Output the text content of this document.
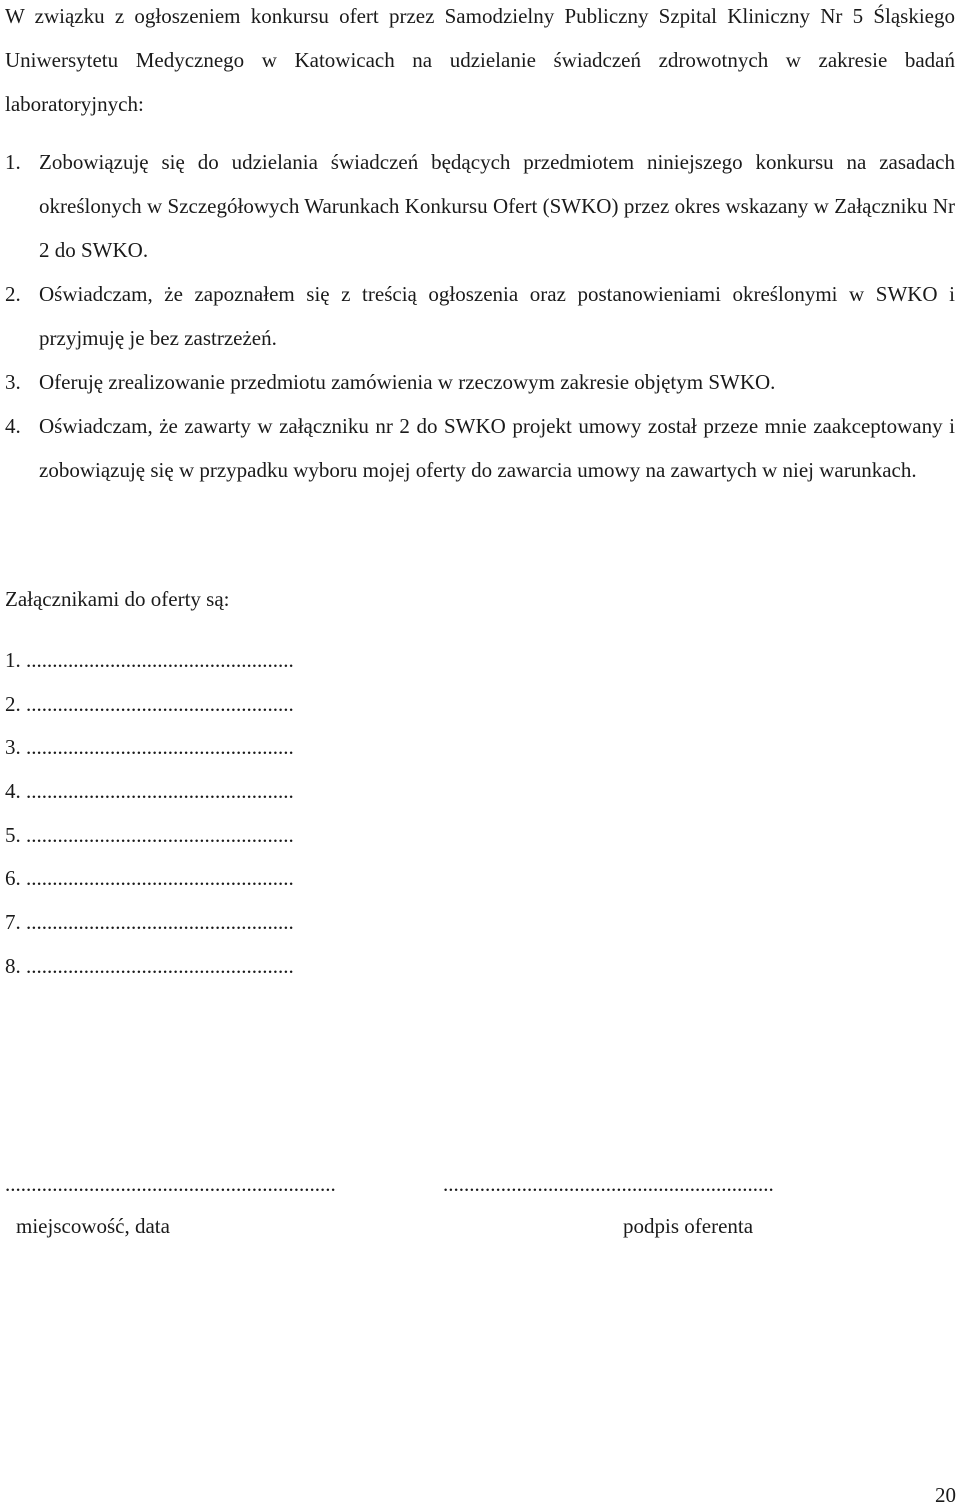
W związku z ogłoszeniem konkursu ofert przez Samodzielny Publiczny Szpital Kliniczny Nr 5 Śląskiego Uniwersytetu Medycznego w Katowicach na udzielanie świadczeń zdrowotnych w zakresie badań laboratoryjnych:

1. Zobowiązuję się do udzielania świadczeń będących przedmiotem niniejszego konkursu na zasadach określonych w Szczegółowych Warunkach Konkursu Ofert (SWKO) przez okres wskazany w Załączniku Nr 2 do SWKO.
2. Oświadczam, że zapoznałem się z treścią ogłoszenia oraz postanowieniami określonymi w SWKO i przyjmuję je bez zastrzeżeń.
3. Oferuję zrealizowanie przedmiotu zamówienia w rzeczowym zakresie objętym SWKO.
4. Oświadczam, że zawarty w załączniku nr 2 do SWKO projekt umowy został przeze mnie zaakceptowany i zobowiązuję się w przypadku wyboru mojej oferty do zawarcia umowy na zawartych w niej warunkach.

Załącznikami do oferty są:

1. ...................................................
2. ...................................................
3. ...................................................
4. ...................................................
5. ...................................................
6. ...................................................
7. ...................................................
8. ...................................................
...............................................................
miejscowość, data
...............................................................
podpis oferenta
20
